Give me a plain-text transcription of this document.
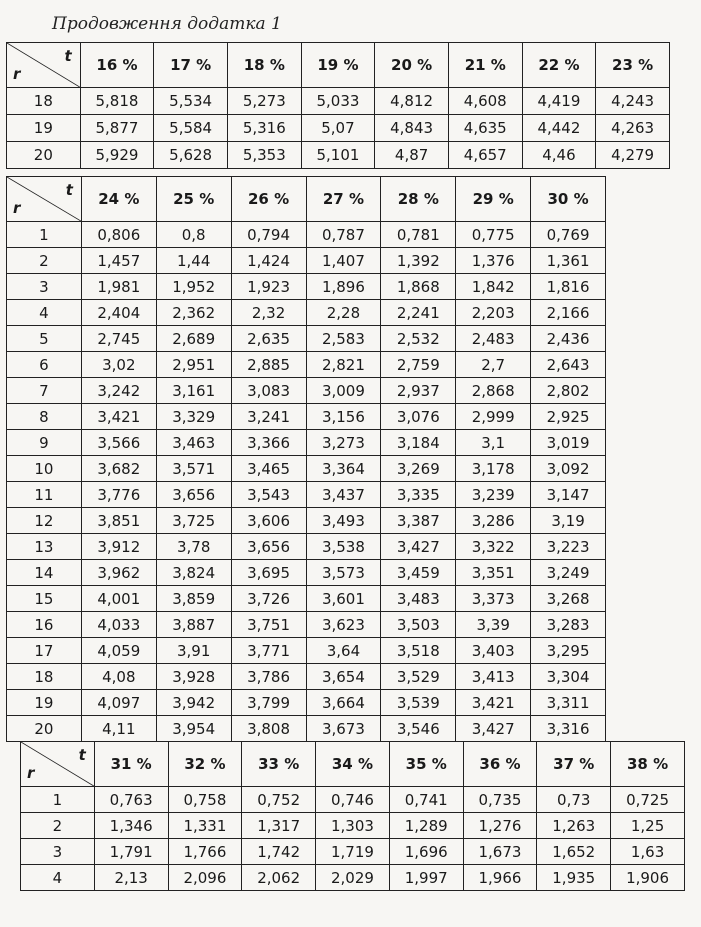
Продовження додатка 1
t
r	16 %	17 %	18 %	19 %	20 %	21 %	22 %	23 %
18	5,818	5,534	5,273	5,033	4,812	4,608	4,419	4,243
19	5,877	5,584	5,316	5,07	4,843	4,635	4,442	4,263
20	5,929	5,628	5,353	5,101	4,87	4,657	4,46	4,279
t
r	24 %	25 %	26 %	27 %	28 %	29 %	30 %
1	0,806	0,8	0,794	0,787	0,781	0,775	0,769
2	1,457	1,44	1,424	1,407	1,392	1,376	1,361
3	1,981	1,952	1,923	1,896	1,868	1,842	1,816
4	2,404	2,362	2,32	2,28	2,241	2,203	2,166
5	2,745	2,689	2,635	2,583	2,532	2,483	2,436
6	3,02	2,951	2,885	2,821	2,759	2,7	2,643
7	3,242	3,161	3,083	3,009	2,937	2,868	2,802
8	3,421	3,329	3,241	3,156	3,076	2,999	2,925
9	3,566	3,463	3,366	3,273	3,184	3,1	3,019
10	3,682	3,571	3,465	3,364	3,269	3,178	3,092
11	3,776	3,656	3,543	3,437	3,335	3,239	3,147
12	3,851	3,725	3,606	3,493	3,387	3,286	3,19
13	3,912	3,78	3,656	3,538	3,427	3,322	3,223
14	3,962	3,824	3,695	3,573	3,459	3,351	3,249
15	4,001	3,859	3,726	3,601	3,483	3,373	3,268
16	4,033	3,887	3,751	3,623	3,503	3,39	3,283
17	4,059	3,91	3,771	3,64	3,518	3,403	3,295
18	4,08	3,928	3,786	3,654	3,529	3,413	3,304
19	4,097	3,942	3,799	3,664	3,539	3,421	3,311
20	4,11	3,954	3,808	3,673	3,546	3,427	3,316
t
r	31 %	32 %	33 %	34 %	35 %	36 %	37 %	38 %
1	0,763	0,758	0,752	0,746	0,741	0,735	0,73	0,725
2	1,346	1,331	1,317	1,303	1,289	1,276	1,263	1,25
3	1,791	1,766	1,742	1,719	1,696	1,673	1,652	1,63
4	2,13	2,096	2,062	2,029	1,997	1,966	1,935	1,906
